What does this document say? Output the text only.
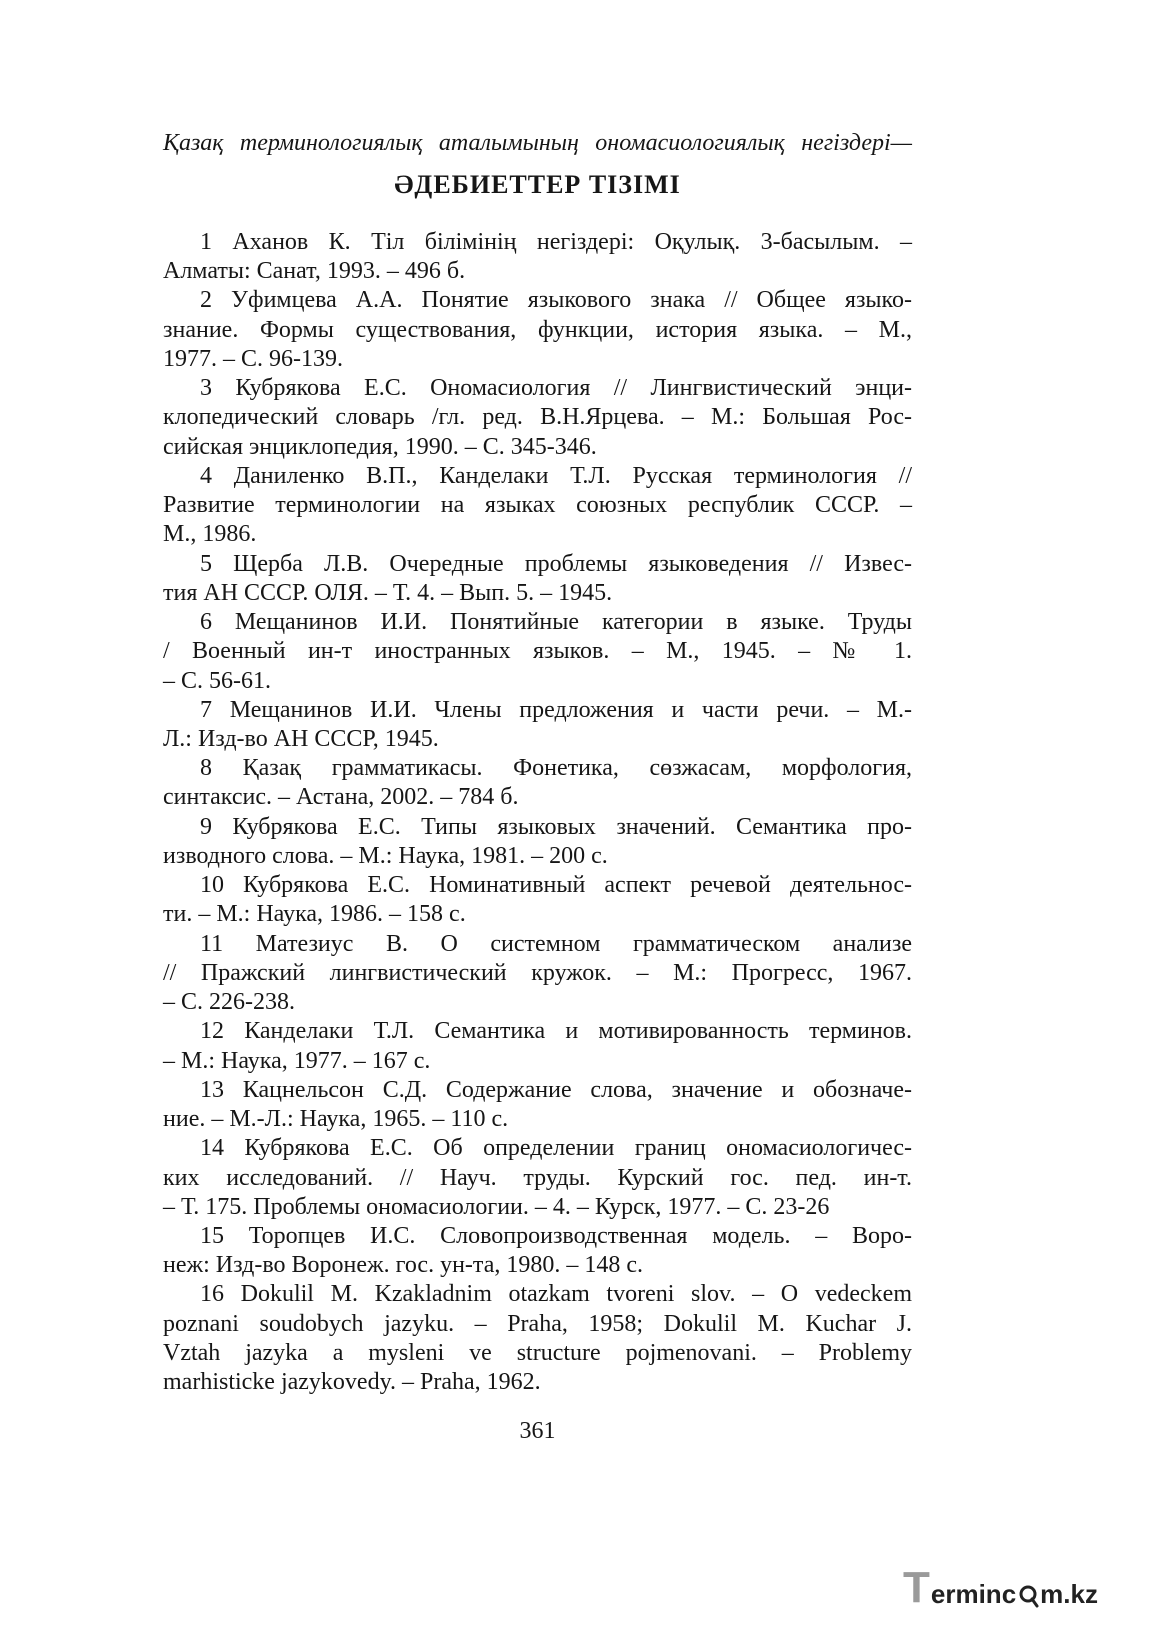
Қазақ терминологиялық аталымының ономасиологиялық негіздері—
ӘДЕБИЕТТЕР ТІЗІМІ
1 Аханов К. Тіл білімінің негіздері: Оқулық. 3-басылым. –
Алматы: Санат, 1993. – 496 б.
2 Уфимцева А.А. Понятие языкового знака // Общее языко-
знание. Формы существования, функции, история языка. – М.,
1977. – С. 96-139.
3 Кубрякова Е.С. Ономасиология // Лингвистический энци-
клопедический словарь /гл. ред. В.Н.Ярцева. – М.: Большая Рос-
сийская энциклопедия, 1990. – С. 345-346.
4 Даниленко В.П., Канделаки Т.Л. Русская терминология //
Развитие терминологии на языках союзных республик СССР. –
М., 1986.
5 Щерба Л.В. Очередные проблемы языковедения // Извес-
тия АН СССР. ОЛЯ. – Т. 4. – Вып. 5. – 1945.
6 Мещанинов И.И. Понятийные категории в языке. Труды
/ Военный ин-т иностранных языков. – М., 1945. – № 1.
– С. 56-61.
7 Мещанинов И.И. Члены предложения и части речи. – М.-
Л.: Изд-во АН СССР, 1945.
8 Қазақ грамматикасы. Фонетика, сөзжасам, морфология,
синтаксис. – Астана, 2002. – 784 б.
9 Кубрякова Е.С. Типы языковых значений. Семантика про-
изводного слова. – М.: Наука, 1981. – 200 с.
10 Кубрякова Е.С. Номинативный аспект речевой деятельнос-
ти. – М.: Наука, 1986. – 158 с.
11 Матезиус В. О системном грамматическом анализе
// Пражский лингвистический кружок. – М.: Прогресс, 1967.
– С. 226-238.
12 Канделаки Т.Л. Семантика и мотивированность терминов.
– М.: Наука, 1977. – 167 с.
13 Кацнельсон С.Д. Содержание слова, значение и обозначе-
ние. – М.-Л.: Наука, 1965. – 110 с.
14 Кубрякова Е.С. Об определении границ ономасиологичес-
ких исследований. // Науч. труды. Курский гос. пед. ин-т.
– Т. 175. Проблемы ономасиологии. – 4. – Курск, 1977. – С. 23-26
15 Торопцев И.С. Словопроизводственная модель. – Воро-
неж: Изд-во Воронеж. гос. ун-та, 1980. – 148 с.
16 Dokulil M. Kzakladnim otazkam tvoreni slov. – O vedeckem
poznani soudobych jazyku. – Praha, 1958; Dokulil M. Kuchar J.
Vztah jazyka a mysleni ve structure pojmenovani. – Problemy
marhisticke jazykovedy. – Praha, 1962.
361
T erminc m.kz
